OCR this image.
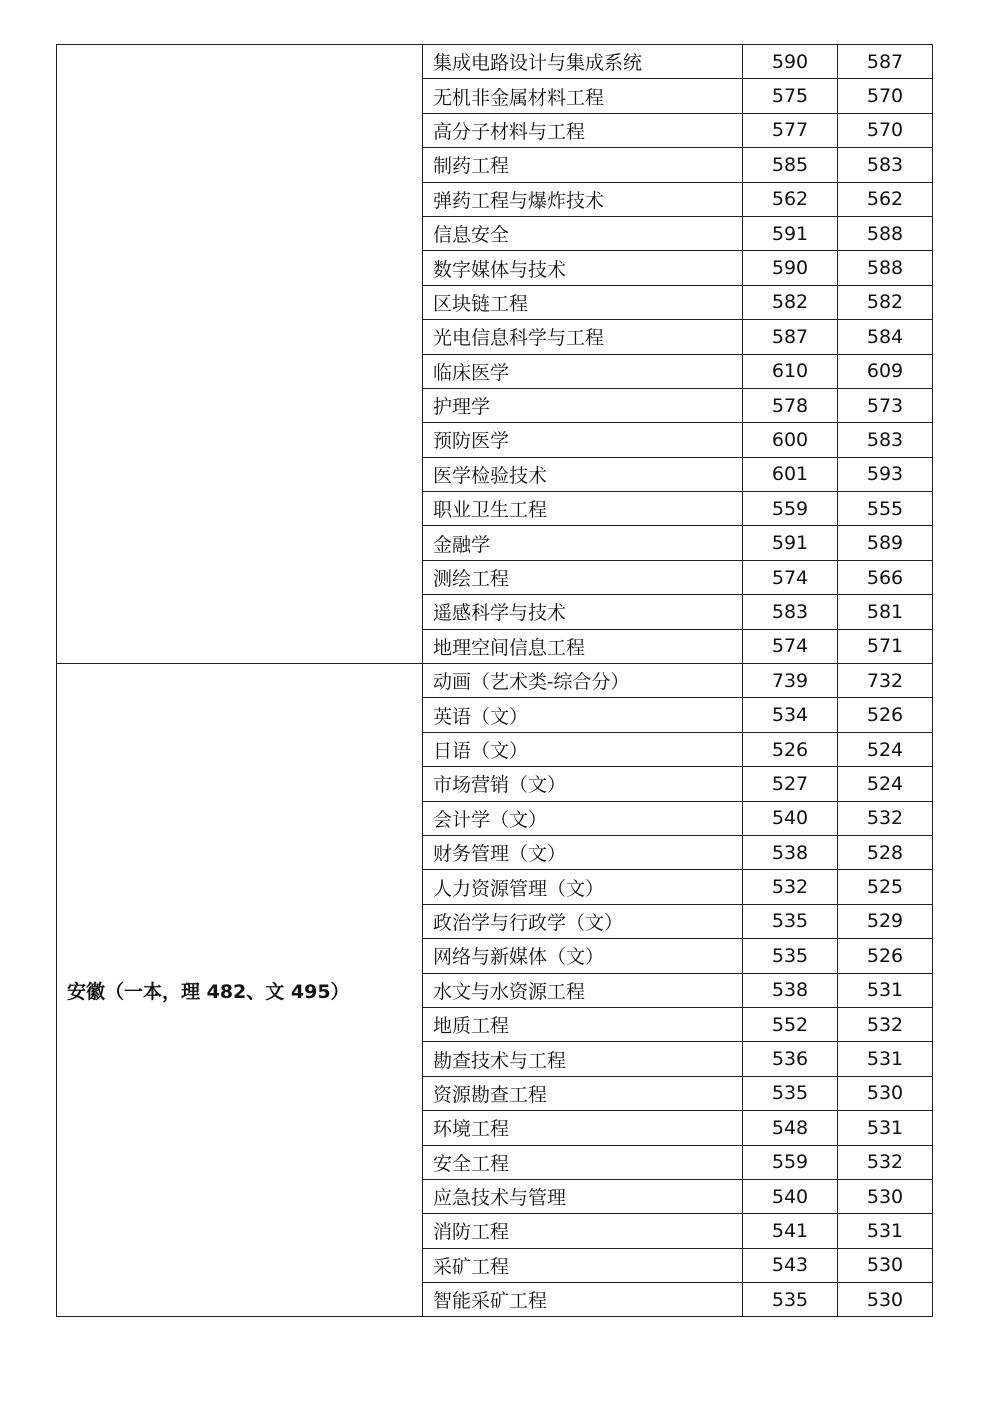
	集成电路设计与集成系统	590	587
	无机非金属材料工程	575	570
	高分子材料与工程	577	570
	制药工程	585	583
	弹药工程与爆炸技术	562	562
	信息安全	591	588
	数字媒体与技术	590	588
	区块链工程	582	582
	光电信息科学与工程	587	584
	临床医学	610	609
	护理学	578	573
	预防医学	600	583
	医学检验技术	601	593
	职业卫生工程	559	555
	金融学	591	589
	测绘工程	574	566
	遥感科学与技术	583	581
	地理空间信息工程	574	571
安徽（一本，理 482、文 495）	动画（艺术类-综合分）	739	732
	英语（文）	534	526
	日语（文）	526	524
	市场营销（文）	527	524
	会计学（文）	540	532
	财务管理（文）	538	528
	人力资源管理（文）	532	525
	政治学与行政学（文）	535	529
	网络与新媒体（文）	535	526
	水文与水资源工程	538	531
	地质工程	552	532
	勘查技术与工程	536	531
	资源勘查工程	535	530
	环境工程	548	531
	安全工程	559	532
	应急技术与管理	540	530
	消防工程	541	531
	采矿工程	543	530
	智能采矿工程	535	530
